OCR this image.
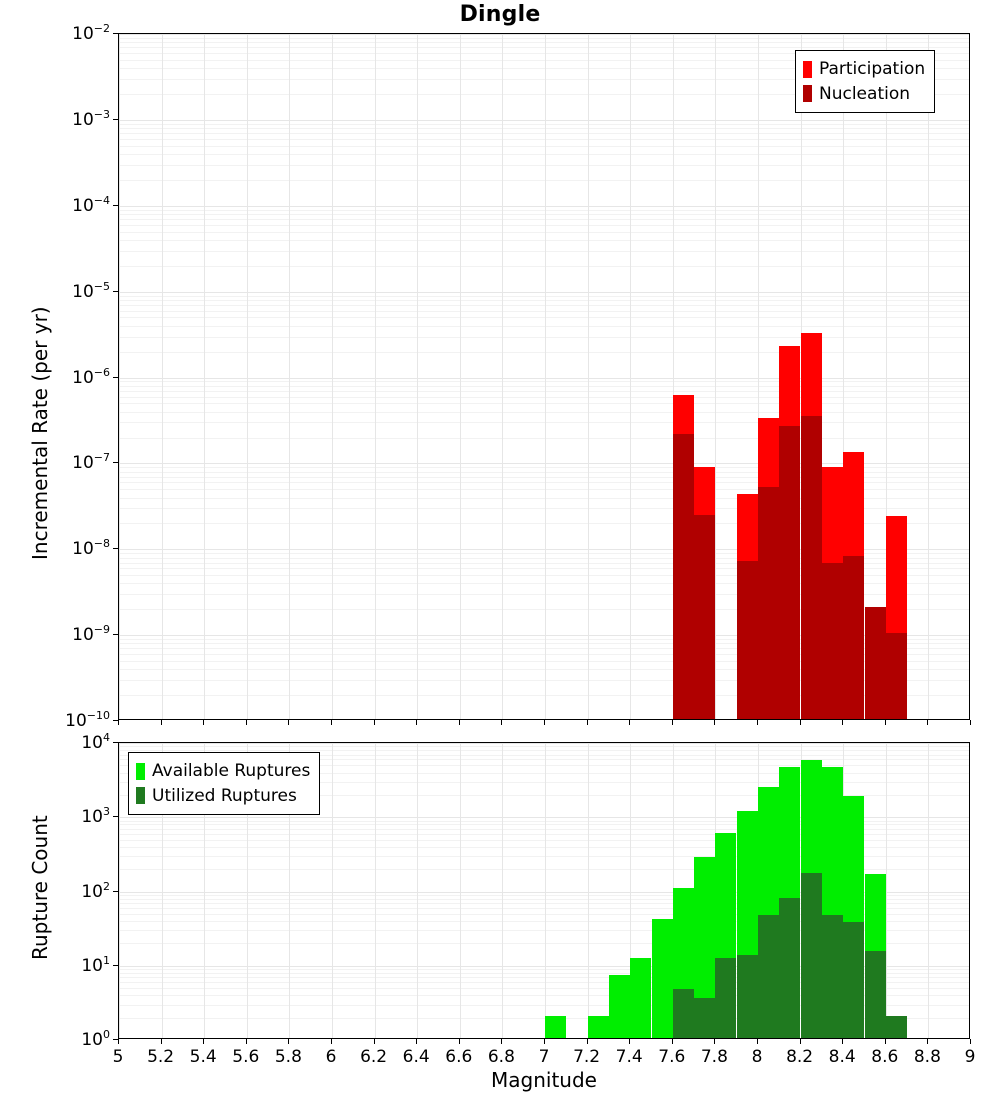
Dingle
$10^{-2}$
$10^{-3}$
$10^{-4}$
$10^{-5}$
$10^{-6}$
$10^{-7}$
$10^{-8}$
$10^{-9}$
$10^{-10}$
Incremental Rate (per yr)
Participation
Nucleation
$10^4$
$10^3$
$10^2$
$10^1$
$10^0$
5 5.2 5.4 5.6 5.8 6 6.2 6.4 6.6 6.8 7 7.2 7.4 7.6 7.8 8 8.2 8.4 8.6 8.8 9
Rupture Count
Magnitude
Available Ruptures
Utilized Ruptures
